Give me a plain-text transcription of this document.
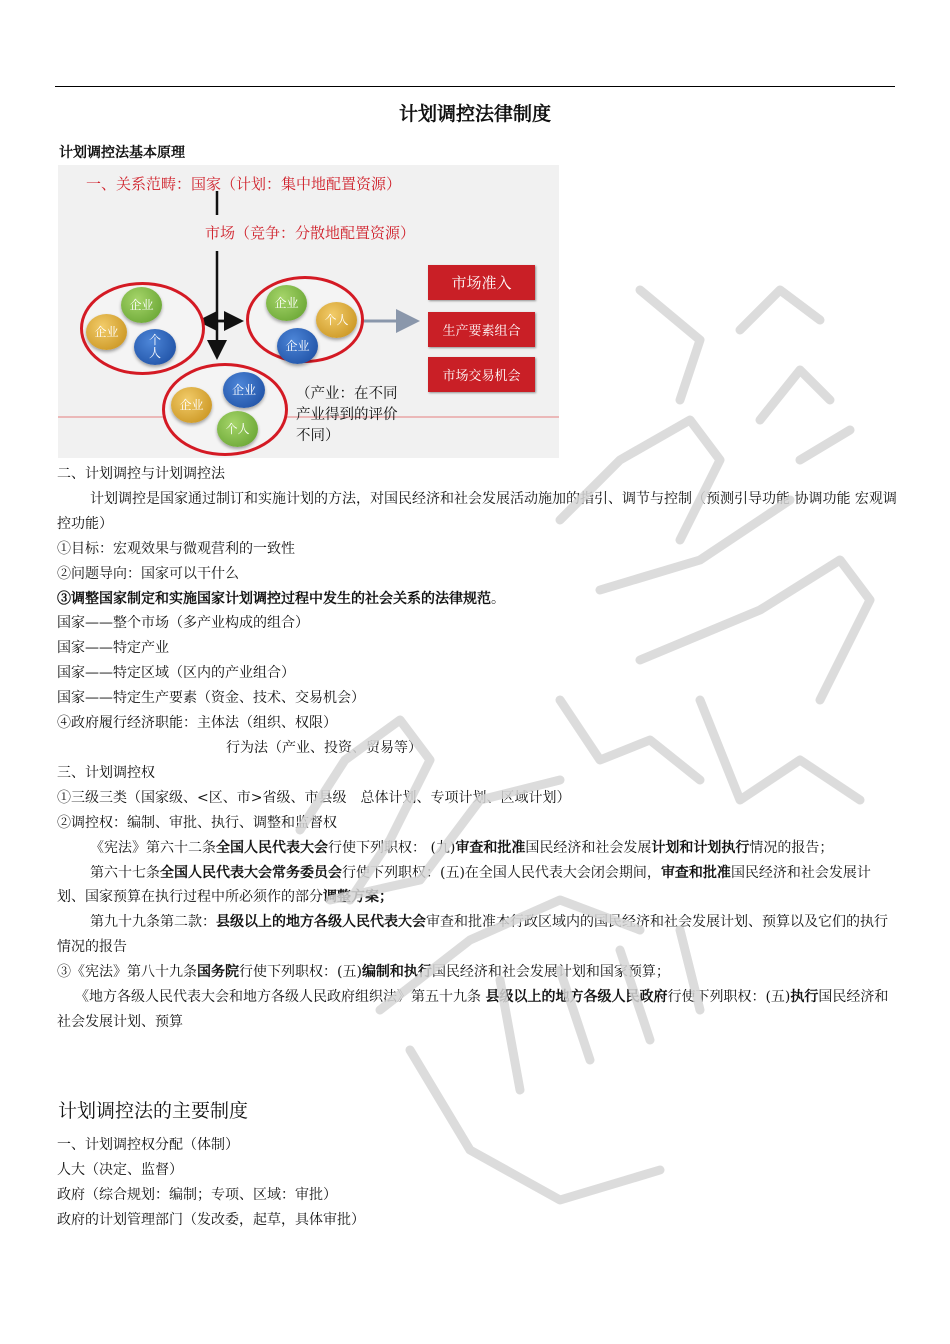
计划调控法律制度
计划调控法基本原理
一、关系范畴：国家（计划：集中地配置资源）
市场（竞争：分散地配置资源）
企业
企业
个人
企业
个人
企业
企业
企业
个人
（产业：在不同产业得到的评价不同）
市场准入
生产要素组合
市场交易机会

二、计划调控与计划调控法

计划调控是国家通过制订和实施计划的方法，对国民经济和社会发展活动施加的指引、调节与控制（预测引导功能 协调功能 宏观调控功能）

①目标：宏观效果与微观营利的一致性

②问题导向：国家可以干什么

③调整国家制定和实施国家计划调控过程中发生的社会关系的法律规范。

国家——整个市场（多产业构成的组合）

国家——特定产业

国家——特定区域（区内的产业组合）

国家——特定生产要素（资金、技术、交易机会）

④政府履行经济职能：主体法（组织、权限）

行为法（产业、投资、贸易等）

三、计划调控权

①三级三类（国家级、<区、市>省级、市县级　总体计划、专项计划、区域计划）

②调控权：编制、审批、执行、调整和监督权

《宪法》第六十二条全国人民代表大会行使下列职权： (九)审查和批准国民经济和社会发展计划和计划执行情况的报告；

第六十七条全国人民代表大会常务委员会行使下列职权：(五)在全国人民代表大会闭会期间，审查和批准国民经济和社会发展计划、国家预算在执行过程中所必须作的部分调整方案；

第九十九条第二款：县级以上的地方各级人民代表大会审查和批准本行政区域内的国民经济和社会发展计划、预算以及它们的执行情况的报告

③《宪法》第八十九条国务院行使下列职权：(五)编制和执行国民经济和社会发展计划和国家预算；

《地方各级人民代表大会和地方各级人民政府组织法》第五十九条 县级以上的地方各级人民政府行使下列职权：(五)执行国民经济和社会发展计划、预算

计划调控法的主要制度

一、计划调控权分配（体制）

人大（决定、监督）

政府（综合规划：编制；专项、区域：审批）

政府的计划管理部门（发改委，起草，具体审批）
